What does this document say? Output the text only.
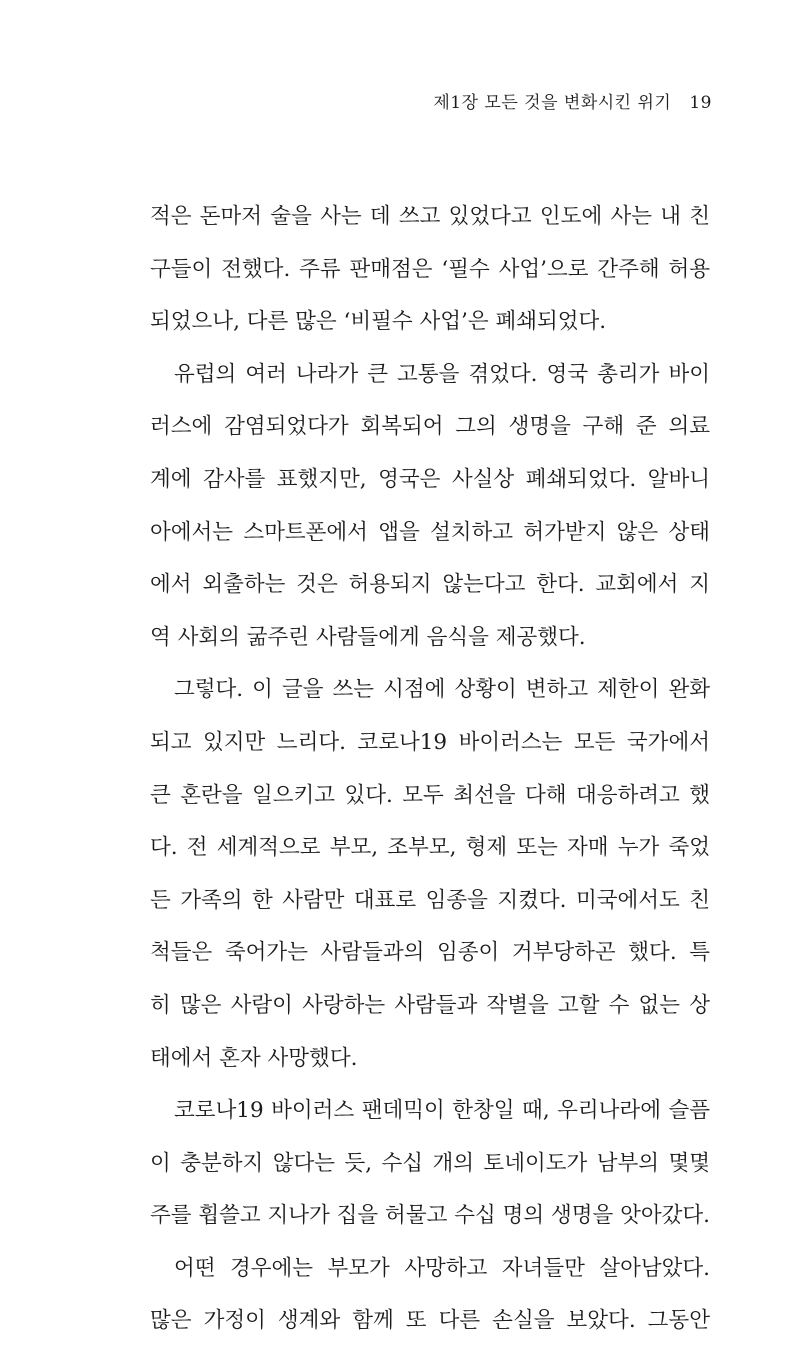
제1장 모든 것을 변화시킨 위기 19
적은 돈마저 술을 사는 데 쓰고 있었다고 인도에 사는 내 친
구들이 전했다. 주류 판매점은 ‘필수 사업’으로 간주해 허용
되었으나, 다른 많은 ‘비필수 사업’은 폐쇄되었다.
유럽의 여러 나라가 큰 고통을 겪었다. 영국 총리가 바이
러스에 감염되었다가 회복되어 그의 생명을 구해 준 의료
계에 감사를 표했지만, 영국은 사실상 폐쇄되었다. 알바니
아에서는 스마트폰에서 앱을 설치하고 허가받지 않은 상태
에서 외출하는 것은 허용되지 않는다고 한다. 교회에서 지
역 사회의 굶주린 사람들에게 음식을 제공했다.
그렇다. 이 글을 쓰는 시점에 상황이 변하고 제한이 완화
되고 있지만 느리다. 코로나19 바이러스는 모든 국가에서
큰 혼란을 일으키고 있다. 모두 최선을 다해 대응하려고 했
다. 전 세계적으로 부모, 조부모, 형제 또는 자매 누가 죽었
든 가족의 한 사람만 대표로 임종을 지켰다. 미국에서도 친
척들은 죽어가는 사람들과의 임종이 거부당하곤 했다. 특
히 많은 사람이 사랑하는 사람들과 작별을 고할 수 없는 상
태에서 혼자 사망했다.
코로나19 바이러스 팬데믹이 한창일 때, 우리나라에 슬픔
이 충분하지 않다는 듯, 수십 개의 토네이도가 남부의 몇몇
주를 휩쓸고 지나가 집을 허물고 수십 명의 생명을 앗아갔다.
어떤 경우에는 부모가 사망하고 자녀들만 살아남았다.
많은 가정이 생계와 함께 또 다른 손실을 보았다. 그동안
